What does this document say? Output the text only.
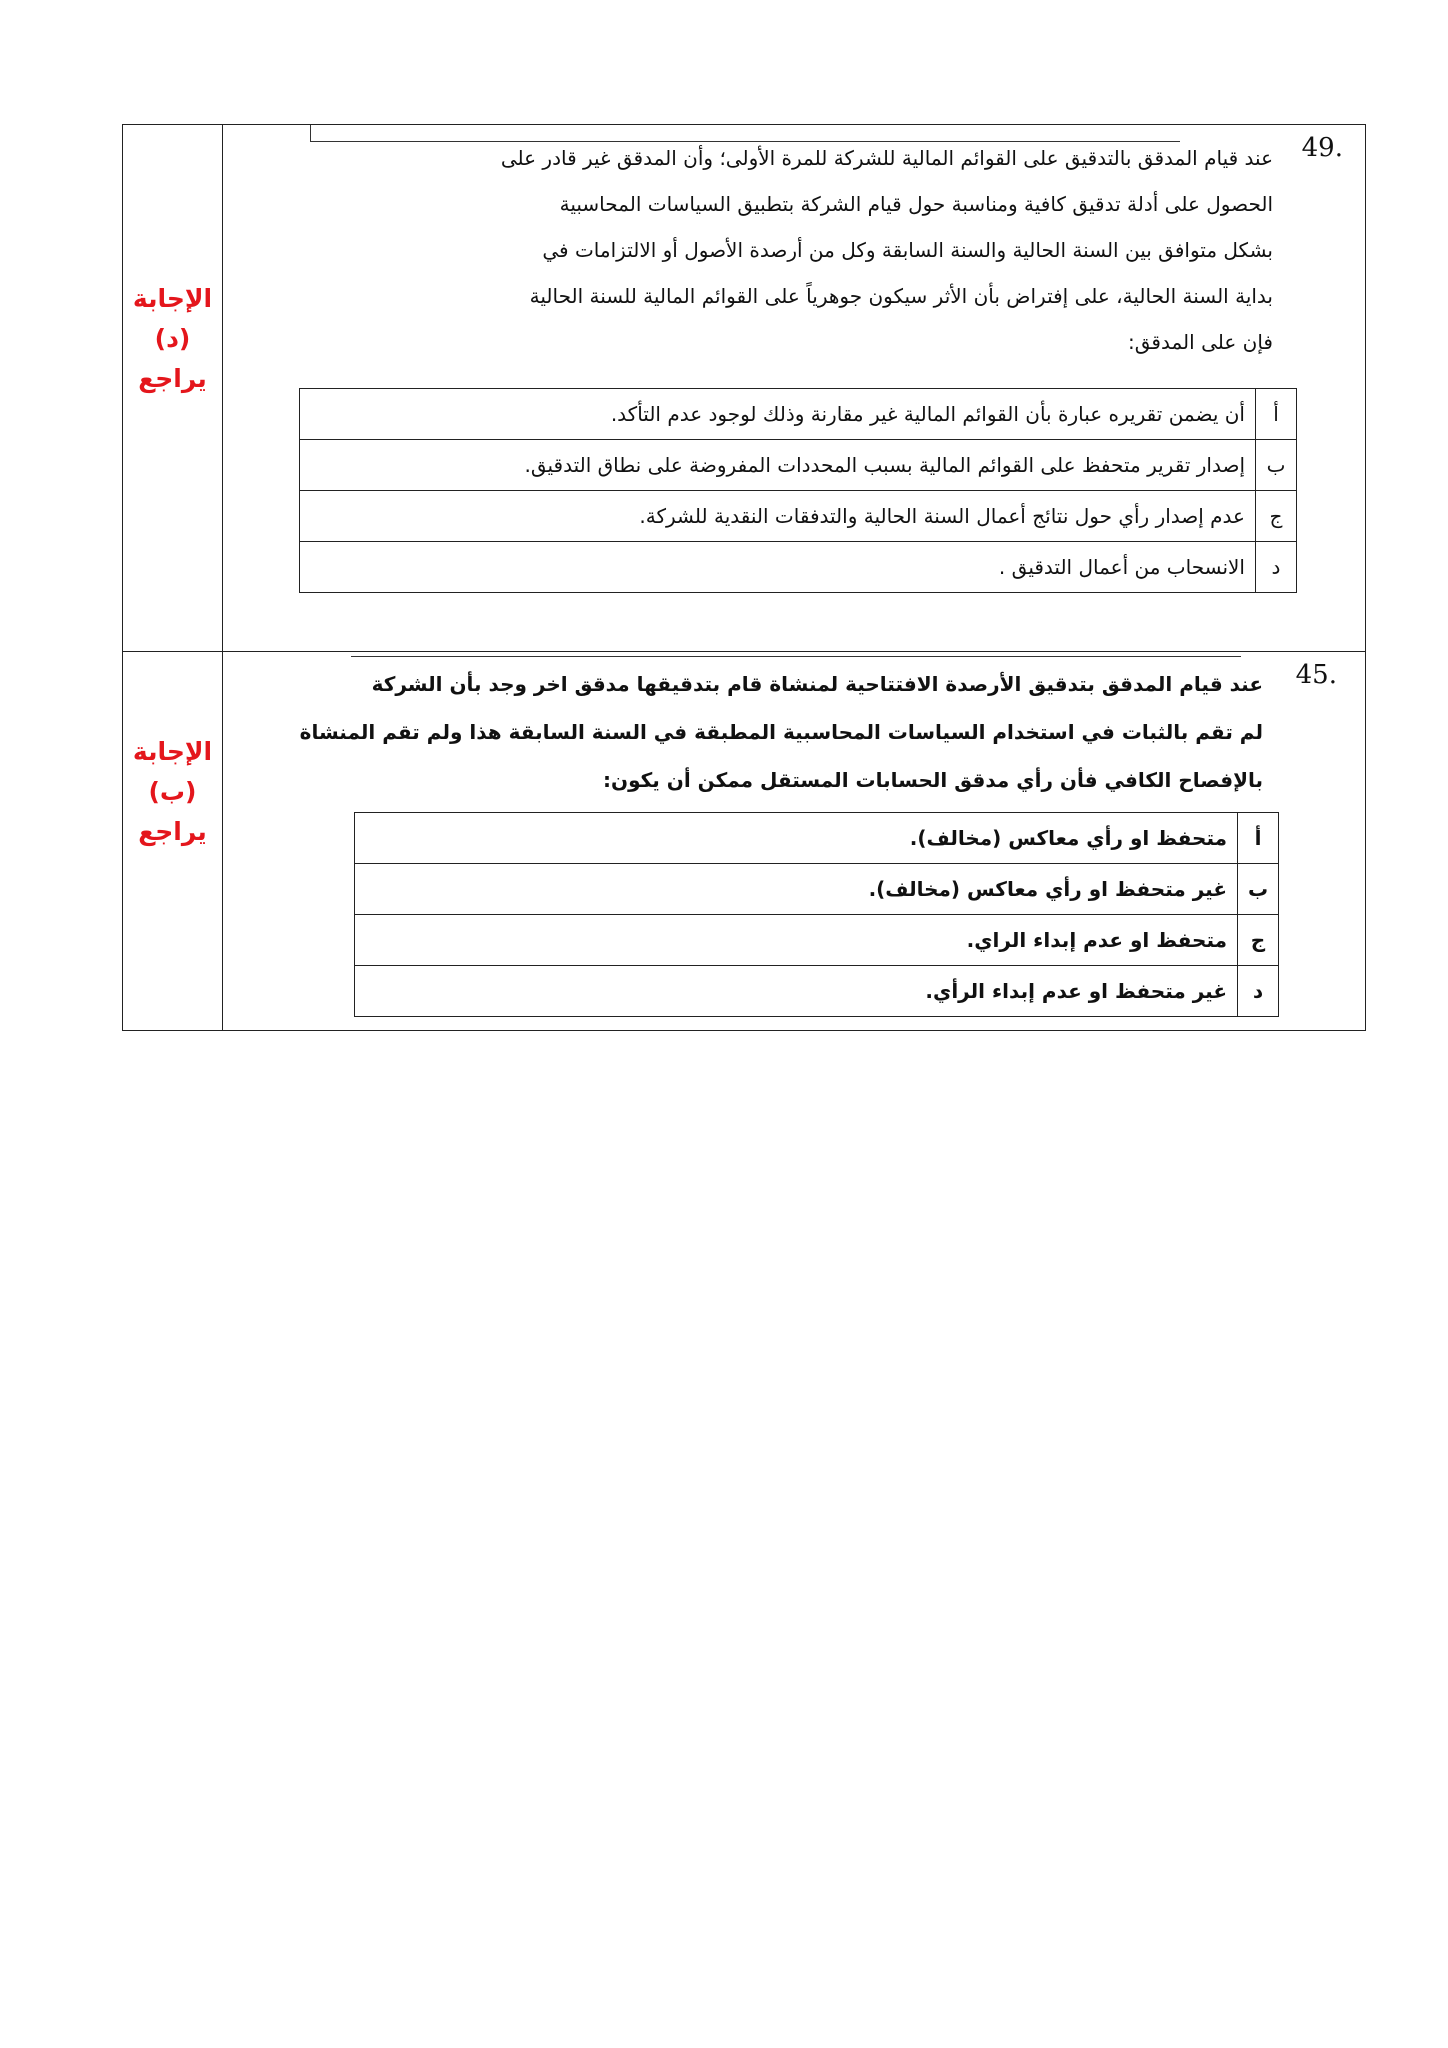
الإجابة
(د)
يراجع

49.
عند قيام المدقق بالتدقيق على القوائم المالية للشركة للمرة الأولى؛ وأن المدقق غير قادر على
الحصول على أدلة تدقيق كافية ومناسبة حول قيام الشركة بتطبيق السياسات المحاسبية
بشكل متوافق بين السنة الحالية والسنة السابقة وكل من أرصدة الأصول أو الالتزامات في
بداية السنة الحالية، على إفتراض بأن الأثر سيكون جوهرياً على القوائم المالية للسنة الحالية
فإن على المدقق:
أ	أن يضمن تقريره عبارة بأن القوائم المالية غير مقارنة وذلك لوجود عدم التأكد.
ب	إصدار تقرير متحفظ على القوائم المالية بسبب المحددات المفروضة على نطاق التدقيق.
ج	عدم إصدار رأي حول نتائج أعمال السنة الحالية والتدفقات النقدية للشركة.
د	الانسحاب من أعمال التدقيق .

الإجابة
(ب)
يراجع

45.
عند قيام المدقق بتدقيق الأرصدة الافتتاحية لمنشاة قام بتدقيقها مدقق اخر وجد بأن الشركة
لم تقم بالثبات في استخدام السياسات المحاسبية المطبقة في السنة السابقة هذا ولم تقم المنشاة
بالإفصاح الكافي فأن رأي مدقق الحسابات المستقل ممكن أن يكون:
أ	متحفظ او رأي معاكس (مخالف).
ب	غير متحفظ او رأي معاكس (مخالف).
ج	متحفظ او عدم إبداء الراي.
د	غير متحفظ او عدم إبداء الرأي.
